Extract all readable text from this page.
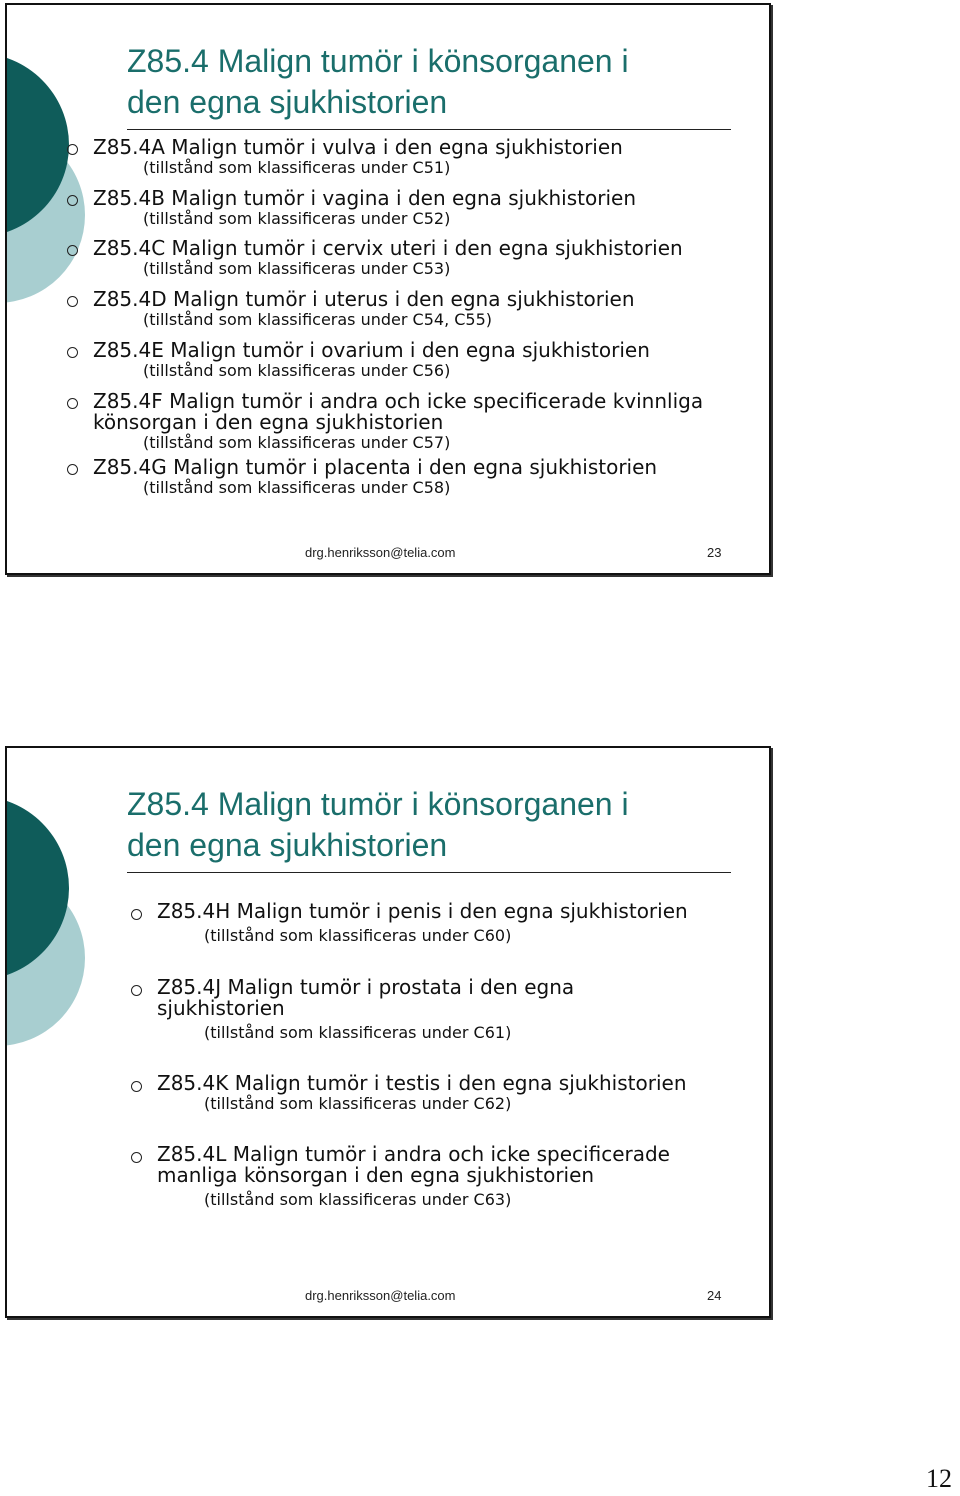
Z85.4 Malign tumör i könsorganen i
den egna sjukhistorien
Z85.4A Malign tumör i vulva i den egna sjukhistorien
(tillstånd som klassificeras under C51)
Z85.4B Malign tumör i vagina i den egna sjukhistorien
(tillstånd som klassificeras under C52)
Z85.4C Malign tumör i cervix uteri i den egna sjukhistorien
(tillstånd som klassificeras under C53)
Z85.4D Malign tumör i uterus i den egna sjukhistorien
(tillstånd som klassificeras under C54, C55)
Z85.4E Malign tumör i ovarium i den egna sjukhistorien
(tillstånd som klassificeras under C56)
Z85.4F Malign tumör i andra och icke specificerade kvinnliga könsorgan i den egna sjukhistorien
(tillstånd som klassificeras under C57)
Z85.4G Malign tumör i placenta i den egna sjukhistorien
(tillstånd som klassificeras under C58)
drg.henriksson@telia.com	23
Z85.4 Malign tumör i könsorganen i
den egna sjukhistorien
Z85.4H Malign tumör i penis i den egna sjukhistorien
(tillstånd som klassificeras under C60)
Z85.4J Malign tumör i prostata i den egna sjukhistorien
(tillstånd som klassificeras under C61)
Z85.4K Malign tumör i testis i den egna sjukhistorien
(tillstånd som klassificeras under C62)
Z85.4L Malign tumör i andra och icke specificerade manliga könsorgan i den egna sjukhistorien
(tillstånd som klassificeras under C63)
drg.henriksson@telia.com	24
12
